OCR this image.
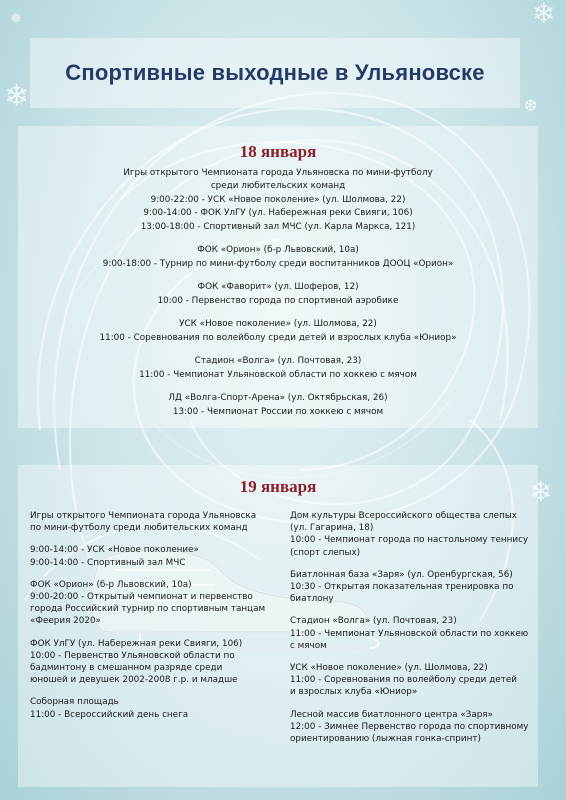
❄
❅	❄
❆
❄
Спортивные выходные в Ульяновске
18 января
Игры открытого Чемпионата города Ульяновска по мини-футболу
среди любительских команд
9:00-22:00 - УСК «Новое поколение» (ул. Шолмова, 22)
9:00-14:00 - ФОК УлГУ (ул. Набережная реки Свияги, 106)
13:00-18:00 - Спортивный зал МЧС (ул. Карла Маркса, 121)
ФОК «Орион» (б-р Львовский, 10а)
9:00-18:00 - Турнир по мини-футболу среди воспитанников ДООЦ «Орион»
ФОК «Фаворит» (ул. Шоферов, 12)
10:00 - Первенство города по спортивной аэробике
УСК «Новое поколение» (ул. Шолмова, 22)
11:00 - Соревнования по волейболу среди детей и взрослых клуба «Юниор»
Стадион «Волга» (ул. Почтовая, 23)
11:00 - Чемпионат Ульяновской области по хоккею с мячом
ЛД «Волга-Спорт-Арена» (ул. Октябрьская, 26)
13:00 - Чемпионат России по хоккею с мячом
19 января
Игры открытого Чемпионата города Ульяновска
по мини-футболу среди любительских команд
9:00-14:00 - УСК «Новое поколение»
9:00-14:00 - Спортивный зал МЧС
ФОК «Орион» (б-р Львовский, 10а)
9:00-20:00 - Открытый чемпионат и первенство
города Российский турнир по спортивным танцам
«Феерия 2020»
ФОК УлГУ (ул. Набережная реки Свияги, 106)
10:00 - Первенство Ульяновской области по
бадминтону в смешанном разряде среди
юношей и девушек 2002-2008 г.р. и младше
Соборная площадь
11:00 - Всероссийский день снега
Дом культуры Всероссийского общества слепых
(ул. Гагарина, 18)
10:00 - Чемпионат города по настольному теннису
(спорт слепых)
Биатлонная база «Заря» (ул. Оренбургская, 56)
10:30 - Открытая показательная тренировка по
биатлону
Стадион «Волга» (ул. Почтовая, 23)
11:00 - Чемпионат Ульяновской области по хоккею
с мячом
УСК «Новое поколение» (ул. Шолмова, 22)
11:00 - Соревнования по волейболу среди детей
и взрослых клуба «Юниор»
Лесной массив биатлонного центра «Заря»
12:00 - Зимнее Первенство города по спортивному
ориентированию (лыжная гонка-спринт)
